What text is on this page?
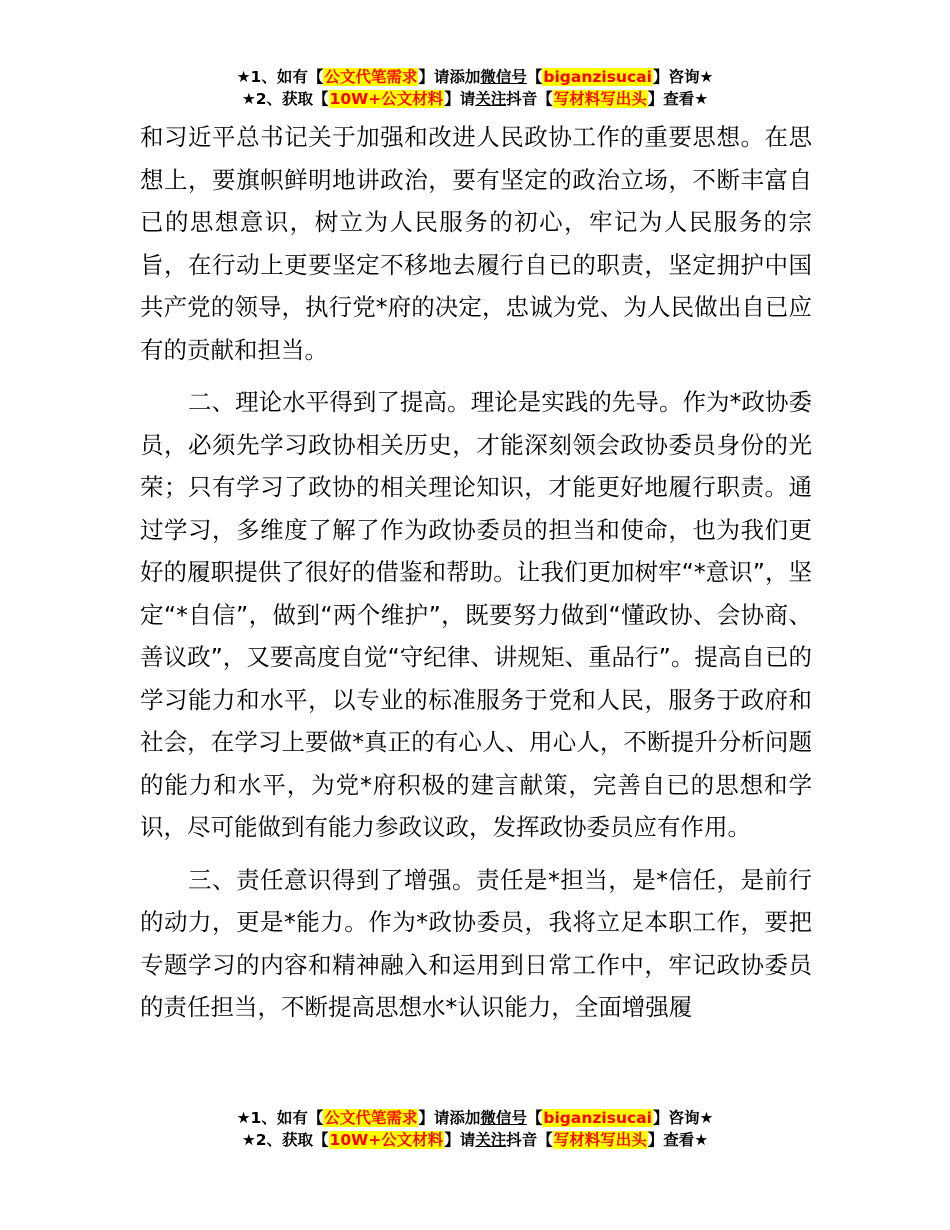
★1、如有【公文代笔需求】请添加微信号【biganzisucai】咨询★
★2、获取【10W+公文材料】请关注抖音【写材料写出头】查看★

和习近平总书记关于加强和改进人民政协工作的重要思想。在思想上，要旗帜鲜明地讲政治，要有坚定的政治立场，不断丰富自已的思想意识，树立为人民服务的初心，牢记为人民服务的宗旨，在行动上更要坚定不移地去履行自已的职责，坚定拥护中国共产党的领导，执行党*府的决定，忠诚为党、为人民做出自已应有的贡献和担当。

二、理论水平得到了提高。理论是实践的先导。作为*政协委员，必须先学习政协相关历史，才能深刻领会政协委员身份的光荣；只有学习了政协的相关理论知识，才能更好地履行职责。通过学习，多维度了解了作为政协委员的担当和使命，也为我们更好的履职提供了很好的借鉴和帮助。让我们更加树牢“*意识”，坚定“*自信”，做到“两个维护”，既要努力做到“懂政协、会协商、善议政”，又要高度自觉“守纪律、讲规矩、重品行”。提高自已的学习能力和水平，以专业的标准服务于党和人民，服务于政府和社会，在学习上要做*真正的有心人、用心人，不断提升分析问题的能力和水平，为党*府积极的建言献策，完善自已的思想和学识，尽可能做到有能力参政议政，发挥政协委员应有作用。

三、责任意识得到了增强。责任是*担当，是*信任，是前行的动力，更是*能力。作为*政协委员，我将立足本职工作，要把专题学习的内容和精神融入和运用到日常工作中，牢记政协委员的责任担当，不断提高思想水*认识能力，全面增强履

★1、如有【公文代笔需求】请添加微信号【biganzisucai】咨询★
★2、获取【10W+公文材料】请关注抖音【写材料写出头】查看★
